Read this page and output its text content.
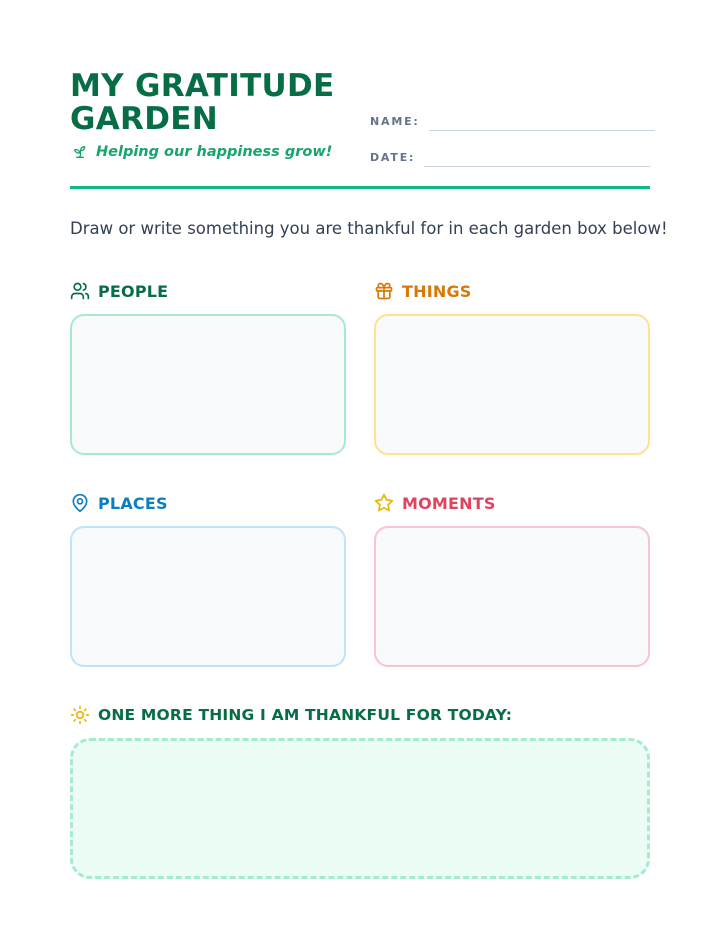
MY GRATITUDE
GARDEN
Helping our happiness grow!
NAME:
DATE:
Draw or write something you are thankful for in each garden box below!
PEOPLE	THINGS
PLACES	MOMENTS
ONE MORE THING I AM THANKFUL FOR TODAY:
